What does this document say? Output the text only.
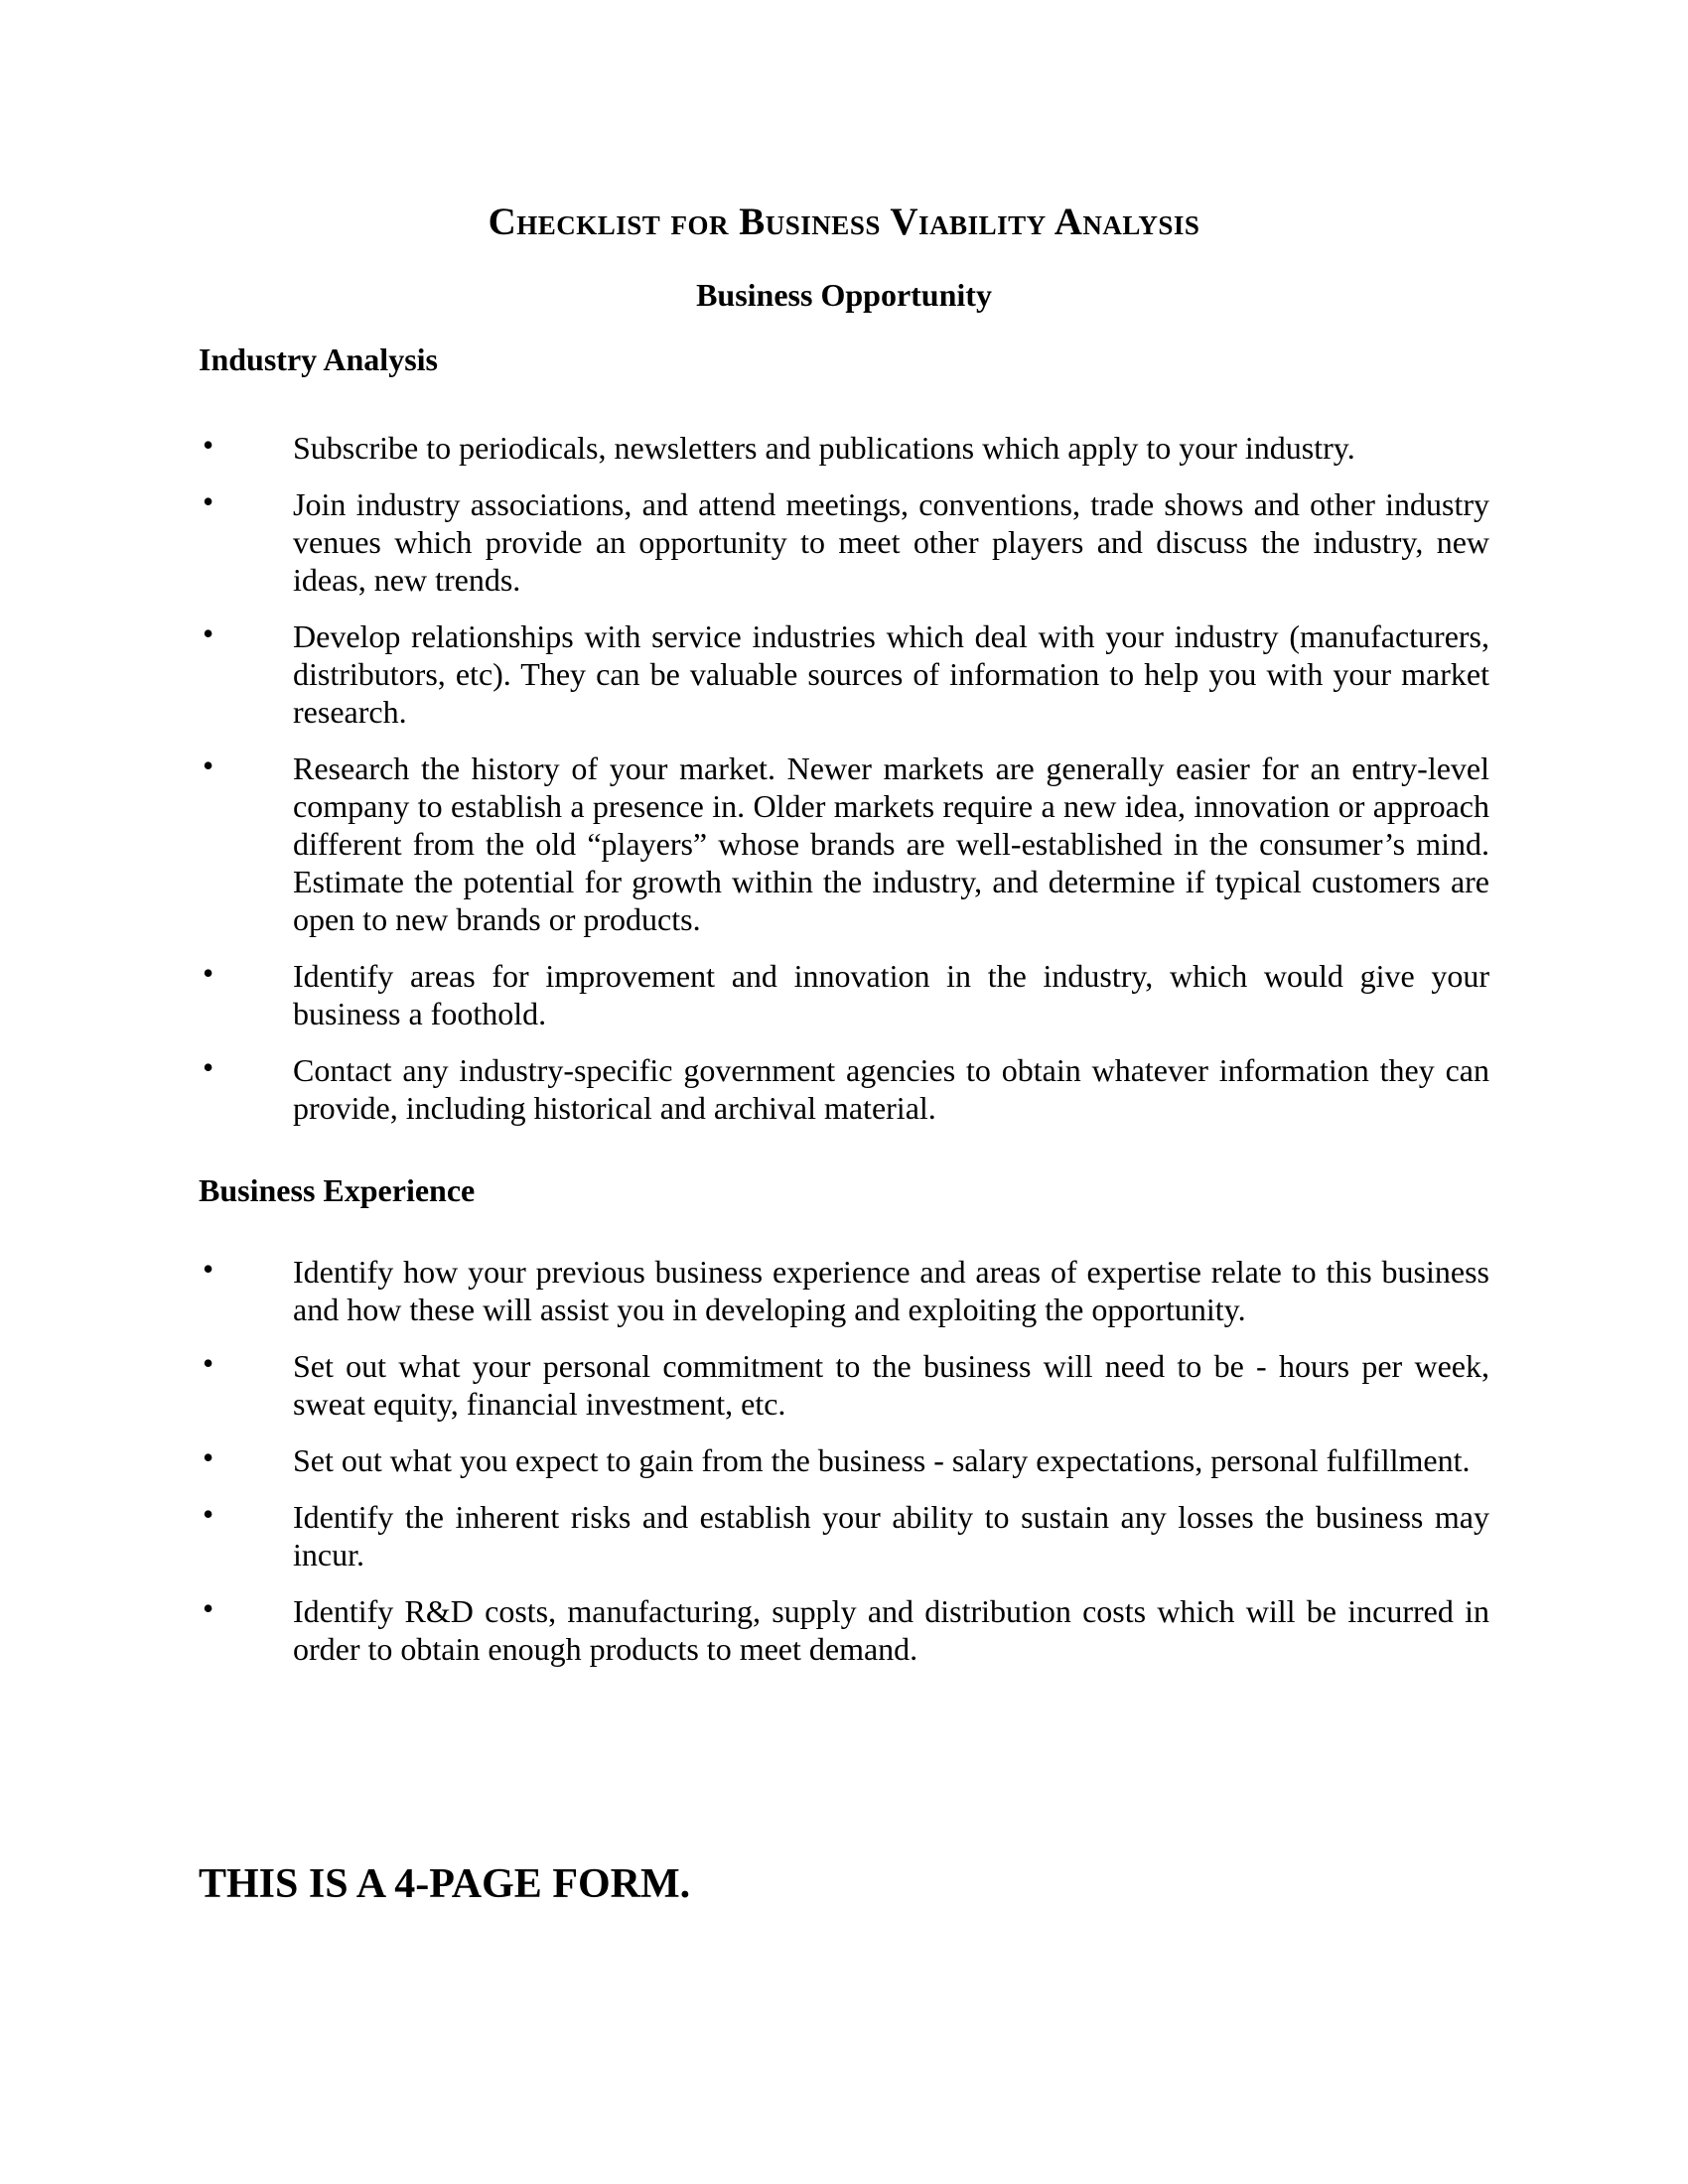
Checklist for Business Viability Analysis
Business Opportunity
Industry Analysis
• Subscribe to periodicals, newsletters and publications which apply to your industry.
• Join industry associations, and attend meetings, conventions, trade shows and other industry venues which provide an opportunity to meet other players and discuss the industry, new ideas, new trends.
• Develop relationships with service industries which deal with your industry (manufacturers, distributors, etc). They can be valuable sources of information to help you with your market research.
• Research the history of your market. Newer markets are generally easier for an entry-level company to establish a presence in. Older markets require a new idea, innovation or approach different from the old “players” whose brands are well-established in the consumer’s mind. Estimate the potential for growth within the industry, and determine if typical customers are open to new brands or products.
• Identify areas for improvement and innovation in the industry, which would give your business a foothold.
• Contact any industry-specific government agencies to obtain whatever information they can provide, including historical and archival material.
Business Experience
• Identify how your previous business experience and areas of expertise relate to this business and how these will assist you in developing and exploiting the opportunity.
• Set out what your personal commitment to the business will need to be - hours per week, sweat equity, financial investment, etc.
• Set out what you expect to gain from the business - salary expectations, personal fulfillment.
• Identify the inherent risks and establish your ability to sustain any losses the business may incur.
• Identify R&D costs, manufacturing, supply and distribution costs which will be incurred in order to obtain enough products to meet demand.

THIS IS A 4-PAGE FORM.
